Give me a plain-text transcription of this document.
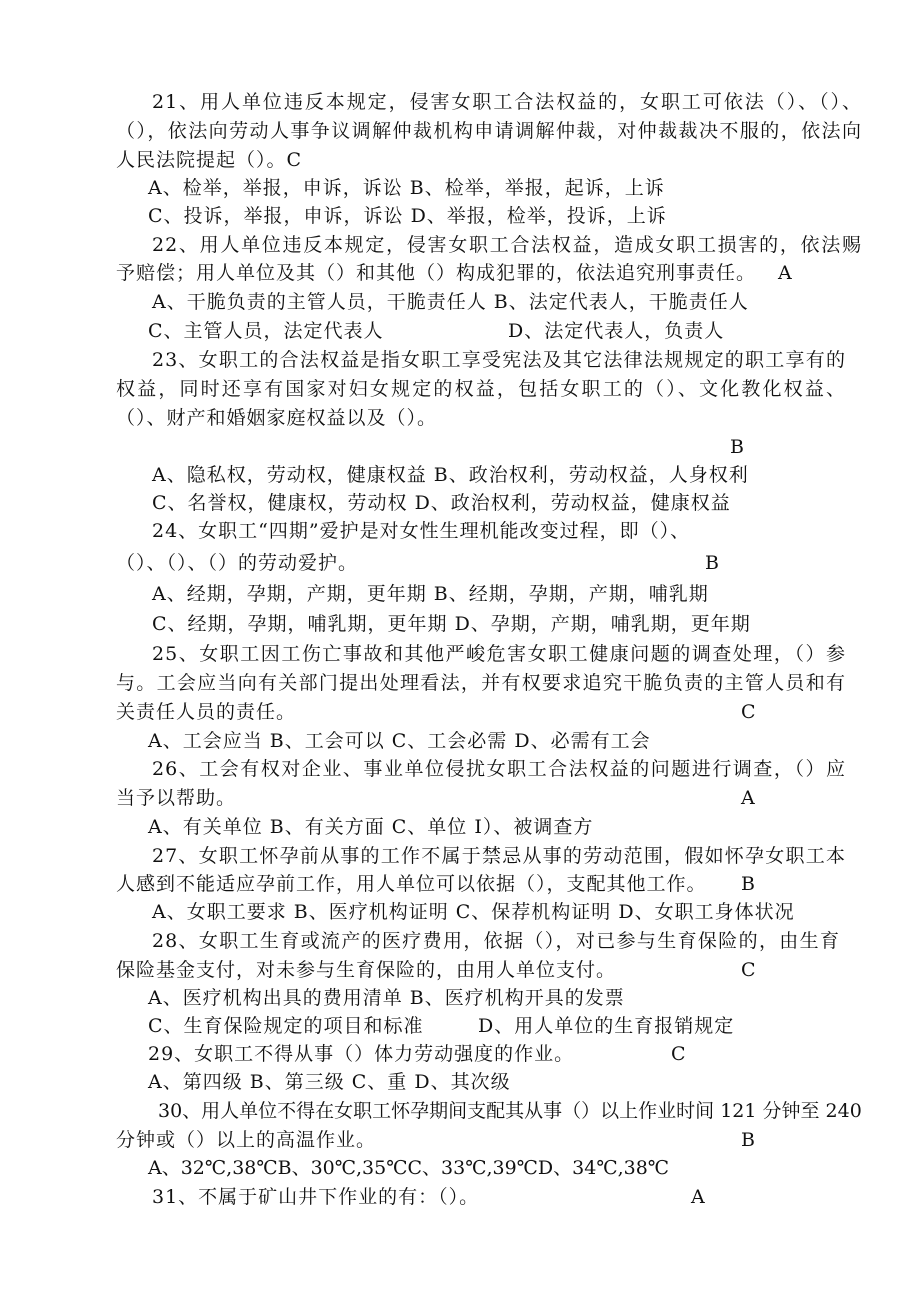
21、用人单位违反本规定，侵害女职工合法权益的，女职工可依法（）、（）、
（），依法向劳动人事争议调解仲裁机构申请调解仲裁，对仲裁裁决不服的，依法向
人民法院提起（）。C
A、检举，举报，申诉，诉讼 B、检举，举报，起诉，上诉
C、投诉，举报，申诉，诉讼 D、举报，检举，投诉，上诉
22、用人单位违反本规定，侵害女职工合法权益，造成女职工损害的，依法赐
予赔偿；用人单位及其（）和其他（）构成犯罪的，依法追究刑事责任。 A
A、干脆负责的主管人员，干脆责任人 B、法定代表人，干脆责任人
C、主管人员，法定代表人	D、法定代表人，负责人
23、女职工的合法权益是指女职工享受宪法及其它法律法规规定的职工享有的
权益，同时还享有国家对妇女规定的权益，包括女职工的（）、文化教化权益、
（）、财产和婚姻家庭权益以及（）。
B
A、隐私权，劳动权，健康权益 B、政治权利，劳动权益，人身权利
C、名誉权，健康权，劳动权 D、政治权利，劳动权益，健康权益
24、女职工“四期”爱护是对女性生理机能改变过程，即（）、
（）、（）、（）的劳动爱护。	B
A、经期，孕期，产期，更年期 B、经期，孕期，产期，哺乳期
C、经期，孕期，哺乳期，更年期 D、孕期，产期，哺乳期，更年期
25、女职工因工伤亡事故和其他严峻危害女职工健康问题的调查处理，（）参
与。工会应当向有关部门提出处理看法，并有权要求追究干脆负责的主管人员和有
关责任人员的责任。	C
A、工会应当 B、工会可以 C、工会必需 D、必需有工会
26、工会有权对企业、事业单位侵扰女职工合法权益的问题进行调查，（）应
当予以帮助。	A
A、有关单位 B、有关方面 C、单位 I）、被调查方
27、女职工怀孕前从事的工作不属于禁忌从事的劳动范围，假如怀孕女职工本
人感到不能适应孕前工作，用人单位可以依据（），支配其他工作。 B
A、女职工要求 B、医疗机构证明 C、保荐机构证明 D、女职工身体状况
28、女职工生育或流产的医疗费用，依据（），对已参与生育保险的，由生育
保险基金支付，对未参与生育保险的，由用人单位支付。	C
A、医疗机构出具的费用清单 B、医疗机构开具的发票
C、生育保险规定的项目和标准	D、用人单位的生育报销规定
29、女职工不得从事（）体力劳动强度的作业。	C
A、第四级 B、第三级 C、重 D、其次级
30、用人单位不得在女职工怀孕期间支配其从事（）以上作业时间 121 分钟至 240
分钟或（）以上的高温作业。	B
A、32℃,38℃B、30℃,35℃C、33℃,39℃D、34℃,38℃
31、不属于矿山井下作业的有：（）。	A
